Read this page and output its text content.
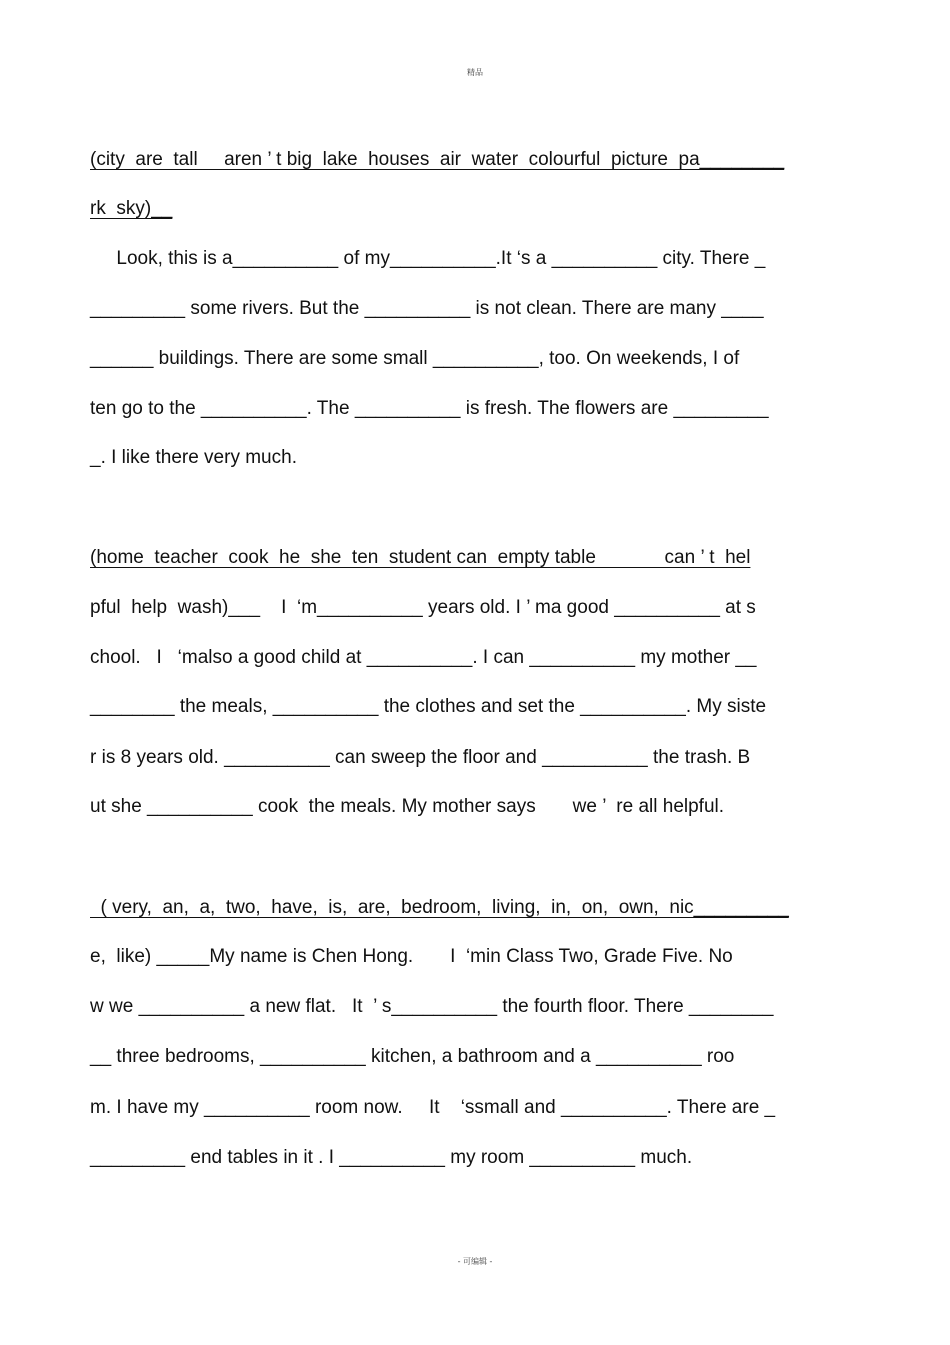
精品
(city  are  tall     aren ’ t big  lake  houses  air  water  colourful  picture  pa________
rk  sky)__
Look, this is a__________ of my__________.It ‘s a __________ city. There _
_________ some rivers. But the __________ is not clean. There are many ____
______ buildings. There are some small __________, too. On weekends, I of
ten go to the __________. The __________ is fresh. The flowers are _________
_. I like there very much.
(home  teacher  cook  he  she  ten  student can  empty table             can ’ t  hel
pful  help  wash)___    I  ‘m__________ years old. I ’ ma good __________ at s
chool.   I   ‘malso a good child at __________. I can __________ my mother __
________ the meals, __________ the clothes and set the __________. My siste
r is 8 years old. __________ can sweep the floor and __________ the trash. B
ut she __________ cook  the meals. My mother says       we ’  re all helpful.
( very,  an,  a,  two,  have,  is,  are,  bedroom,  living,  in,  on,  own,  nic_________
e,  like) _____My name is Chen Hong.       I  ‘min Class Two, Grade Five. No
w we __________ a new flat.   It  ’ s__________ the fourth floor. There ________
__ three bedrooms, __________ kitchen, a bathroom and a __________ roo
m. I have my __________ room now.     It    ‘ssmall and __________. There are _
_________ end tables in it . I __________ my room __________ much.
- 可编辑 -
